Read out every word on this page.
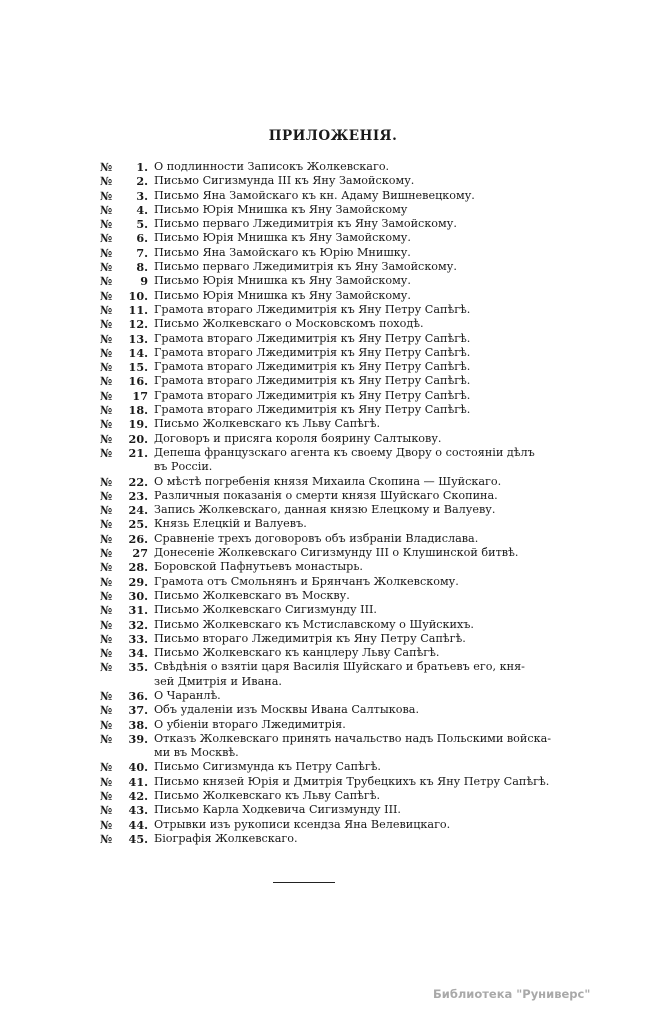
ПРИЛОЖЕНІЯ.
№	1. О подлинности Записокъ Жолкевскаго.
№	2. Письмо Сигизмунда III къ Яну Замойскому.
№	3. Письмо Яна Замойскаго къ кн. Адаму Вишневецкому.
№	4. Письмо Юрія Мнишка къ Яну Замойскому
№	5. Письмо перваго Лжедимитрія къ Яну Замойскому.
№	6. Письмо Юрія Мнишка къ Яну Замойскому.
№	7. Письмо Яна Замойскаго къ Юрію Мнишку.
№	8. Письмо перваго Лжедимитрія къ Яну Замойскому.
№	9 Письмо Юрія Мнишка къ Яну Замойскому.
№	10. Письмо Юрія Мнишка къ Яну Замойскому.
№	11. Грамота втораго Лжедимитрія къ Яну Петру Сапѣгѣ.
№	12. Письмо Жолкевскаго о Московскомъ походѣ.
№	13. Грамота втораго Лжедимитрія къ Яну Петру Сапѣгѣ.
№	14. Грамота втораго Лжедимитрія къ Яну Петру Сапѣгѣ.
№	15. Грамота втораго Лжедимитрія къ Яну Петру Сапѣгѣ.
№	16. Грамота втораго Лжедимитрія къ Яну Петру Сапѣгѣ.
№	17 Грамота втораго Лжедимитрія къ Яну Петру Сапѣгѣ.
№	18. Грамота втораго Лжедимитрія къ Яну Петру Сапѣгѣ.
№	19. Письмо Жолкевскаго къ Льву Сапѣгѣ.
№	20. Договоръ и присяга короля боярину Салтыкову.
№	21. Депеша французскаго агента къ своему Двору о состояніи дѣлъ
въ Россіи.
№	22. О мѣстѣ погребенія князя Михаила Скопина — Шуйскаго.
№	23. Различныя показанія о смерти князя Шуйскаго Скопина.
№	24. Запись Жолкевскаго, данная князю Елецкому и Валуеву.
№	25. Князь Елецкій и Валуевъ.
№	26. Сравненіе трехъ договоровъ объ избраніи Владислава.
№	27 Донесеніе Жолкевскаго Сигизмунду III о Клушинской битвѣ.
№	28. Боровской Пафнутьевъ монастырь.
№	29. Грамота отъ Смольнянъ и Брянчанъ Жолкевскому.
№	30. Письмо Жолкевскаго въ Москву.
№	31. Письмо Жолкевскаго Сигизмунду III.
№	32. Письмо Жолкевскаго къ Мстиславскому о Шуйскихъ.
№	33. Письмо втораго Лжедимитрія къ Яну Петру Сапѣгѣ.
№	34. Письмо Жолкевскаго къ канцлеру Льву Сапѣгѣ.
№	35. Свѣдѣнія о взятіи царя Василія Шуйскаго и братьевъ его, кня-
зей Дмитрія и Ивана.
№	36. О Чаранлѣ.
№	37. Объ удаленіи изъ Москвы Ивана Салтыкова.
№	38. О убіеніи втораго Лжедимитрія.
№	39. Отказъ Жолкевскаго принять начальство надъ Польскими войска-
ми въ Москвѣ.
№	40. Письмо Сигизмунда къ Петру Сапѣгѣ.
№	41. Письмо князей Юрія и Дмитрія Трубецкихъ къ Яну Петру Сапѣгѣ.
№	42. Письмо Жолкевскаго къ Льву Сапѣгѣ.
№	43. Письмо Карла Ходкевича Сигизмунду III.
№	44. Отрывки изъ рукописи ксендза Яна Велевицкаго.
№	45. Біографія Жолкевскаго.
Библиотека "Руниверс"
